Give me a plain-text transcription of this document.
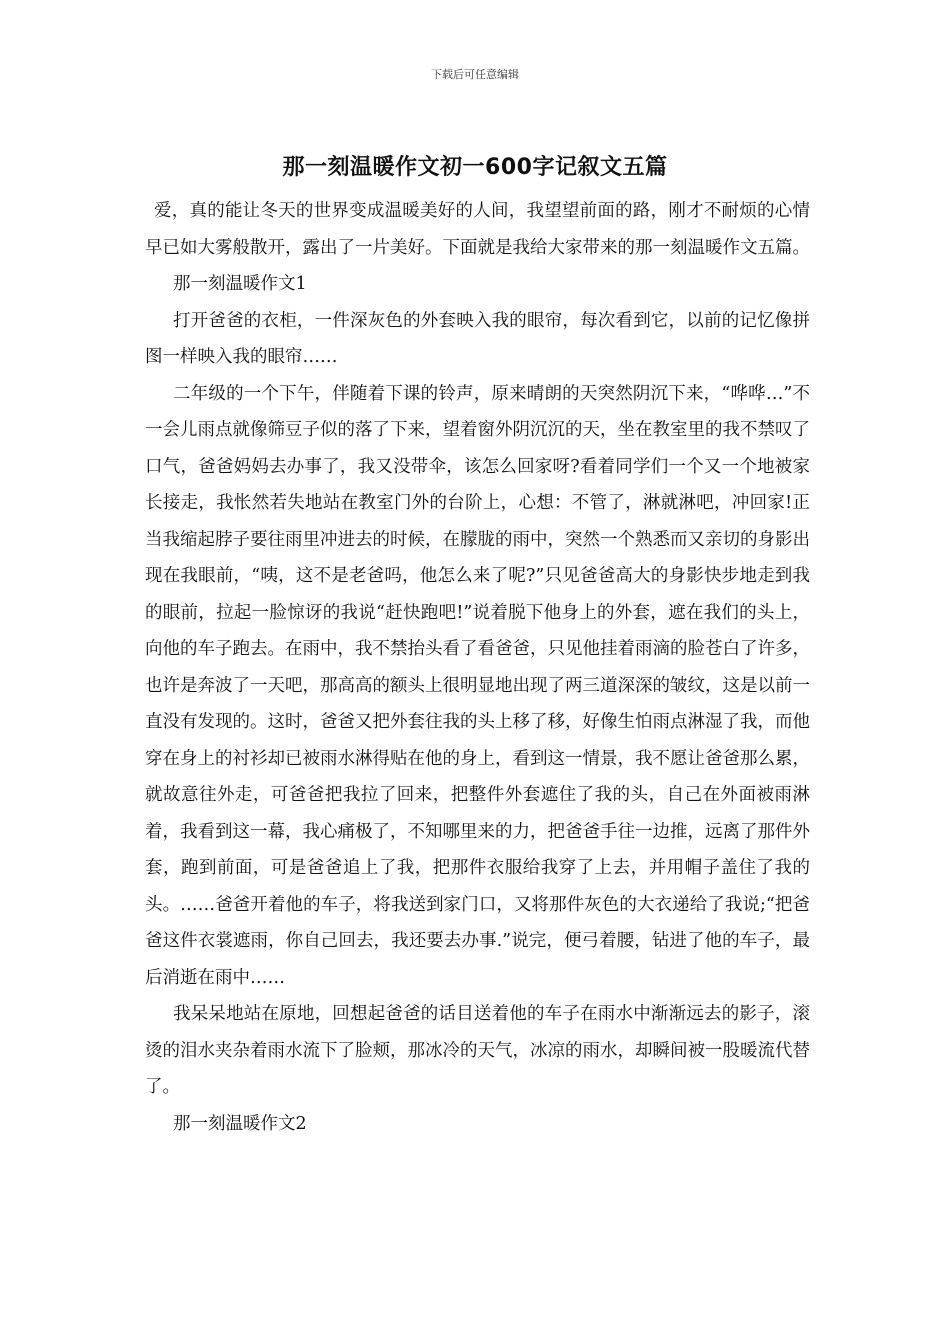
下载后可任意编辑
那一刻温暖作文初一600字记叙文五篇

爱，真的能让冬天的世界变成温暖美好的人间，我望望前面的路，刚才不耐烦的心情早已如大雾般散开，露出了一片美好。下面就是我给大家带来的那一刻温暖作文五篇。

那一刻温暖作文1

打开爸爸的衣柜，一件深灰色的外套映入我的眼帘，每次看到它，以前的记忆像拼图一样映入我的眼帘……

二年级的一个下午，伴随着下课的铃声，原来晴朗的天突然阴沉下来，“哗哗…”不一会儿雨点就像筛豆子似的落了下来，望着窗外阴沉沉的天，坐在教室里的我不禁叹了口气，爸爸妈妈去办事了，我又没带伞，该怎么回家呀?看着同学们一个又一个地被家长接走，我怅然若失地站在教室门外的台阶上，心想：不管了，淋就淋吧，冲回家!正当我缩起脖子要往雨里冲进去的时候，在朦胧的雨中，突然一个熟悉而又亲切的身影出现在我眼前，“咦，这不是老爸吗，他怎么来了呢?”只见爸爸高大的身影快步地走到我的眼前，拉起一脸惊讶的我说“赶快跑吧!”说着脱下他身上的外套，遮在我们的头上，向他的车子跑去。在雨中，我不禁抬头看了看爸爸，只见他挂着雨滴的脸苍白了许多，也许是奔波了一天吧，那高高的额头上很明显地出现了两三道深深的皱纹，这是以前一直没有发现的。这时，爸爸又把外套往我的头上移了移，好像生怕雨点淋湿了我，而他穿在身上的衬衫却已被雨水淋得贴在他的身上，看到这一情景，我不愿让爸爸那么累，就故意往外走，可爸爸把我拉了回来，把整件外套遮住了我的头，自己在外面被雨淋着，我看到这一幕，我心痛极了，不知哪里来的力，把爸爸手往一边推，远离了那件外套，跑到前面，可是爸爸追上了我，把那件衣服给我穿了上去，并用帽子盖住了我的头。……爸爸开着他的车子，将我送到家门口，又将那件灰色的大衣递给了我说;“把爸爸这件衣裳遮雨，你自己回去，我还要去办事.”说完，便弓着腰，钻进了他的车子，最后消逝在雨中……

我呆呆地站在原地，回想起爸爸的话目送着他的车子在雨水中渐渐远去的影子，滚烫的泪水夹杂着雨水流下了脸颊，那冰冷的天气，冰凉的雨水，却瞬间被一股暖流代替了。

那一刻温暖作文2
